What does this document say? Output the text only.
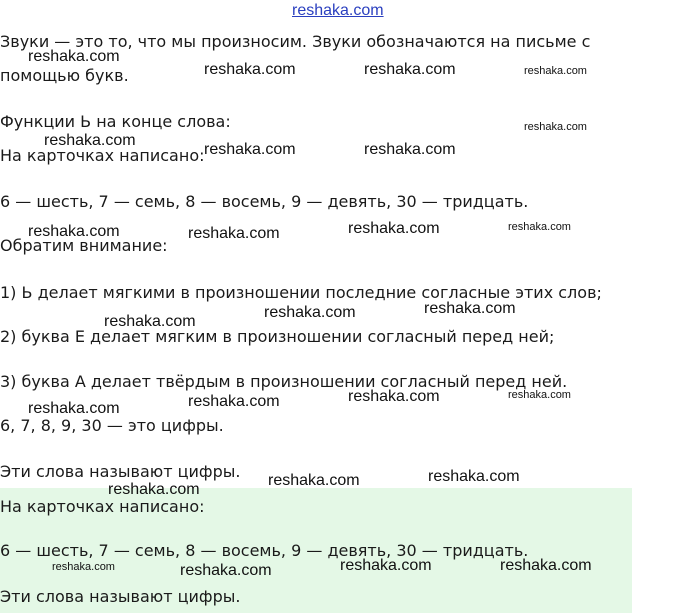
reshaka.com

Звуки — это то, что мы произносим. Звуки обозначаются на письме с

помощью букв.

Функции Ь на конце слова:

На карточках написано:

6 — шесть, 7 — семь, 8 — восемь, 9 — девять, 30 — тридцать.

Обратим внимание:

1) Ь делает мягкими в произношении последние согласные этих слов;

2) буква Е делает мягким в произношении согласный перед ней;

3) буква А делает твёрдым в произношении согласный перед ней.

6, 7, 8, 9, 30 — это цифры.

Эти слова называют цифры.

На карточках написано:

6 — шесть, 7 — семь, 8 — восемь, 9 — девять, 30 — тридцать.

Эти слова называют цифры.

reshaka.com
reshaka.com	reshaka.com	reshaka.com
reshaka.com
reshaka.com	reshaka.com
reshaka.com
reshaka.com	reshaka.com	reshaka.com	reshaka.com
reshaka.com
reshaka.com	reshaka.com
reshaka.com	reshaka.com	reshaka.com	reshaka.com
reshaka.com
reshaka.com	reshaka.com
reshaka.com	reshaka.com	reshaka.com	reshaka.com
